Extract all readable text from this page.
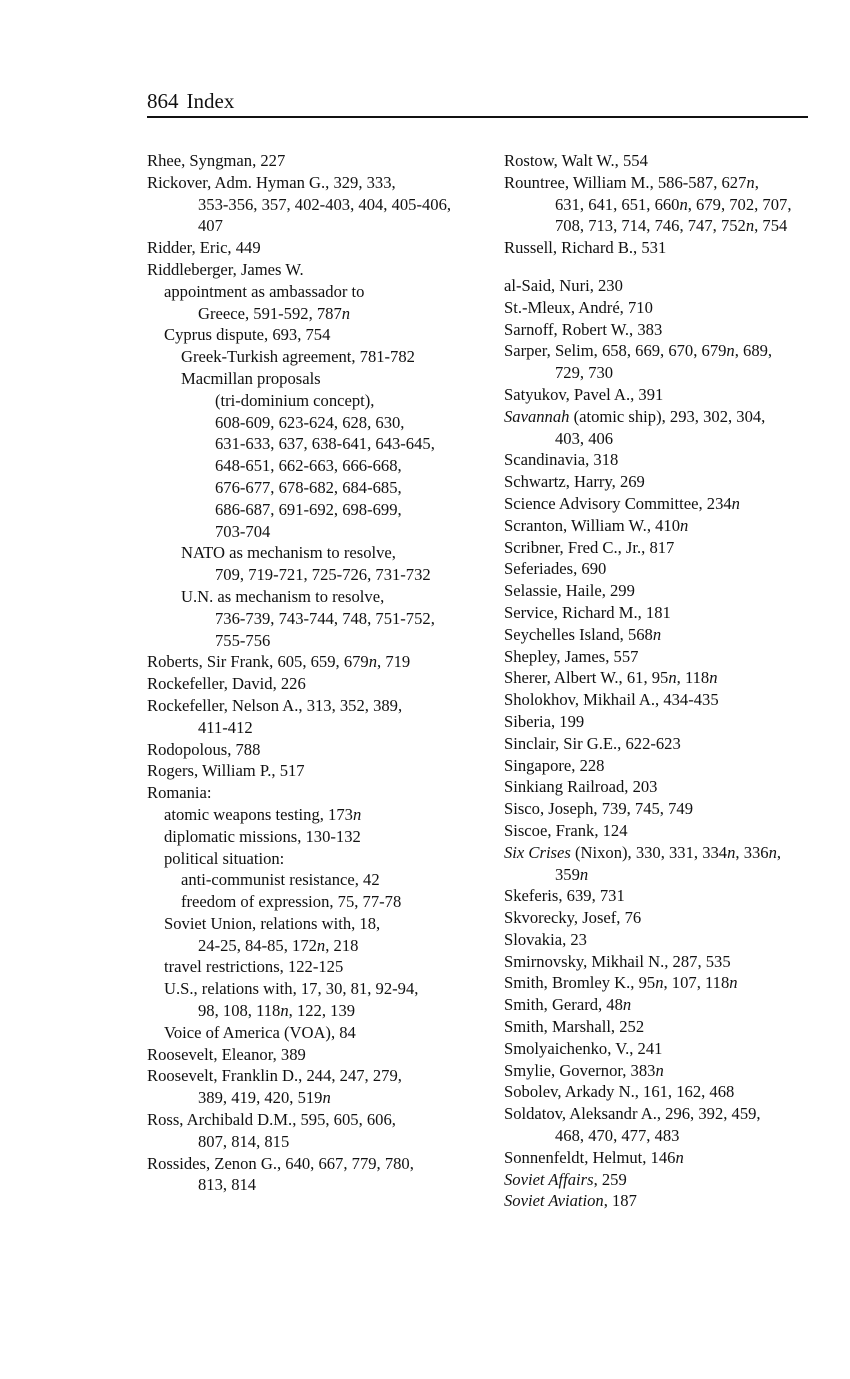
864 Index
Rhee, Syngman, 227
Rickover, Adm. Hyman G., 329, 333,
353-356, 357, 402-403, 404, 405-406,
407
Ridder, Eric, 449
Riddleberger, James W.
appointment as ambassador to
Greece, 591-592, 787n
Cyprus dispute, 693, 754
Greek-Turkish agreement, 781-782
Macmillan proposals
(tri-dominium concept),
608-609, 623-624, 628, 630,
631-633, 637, 638-641, 643-645,
648-651, 662-663, 666-668,
676-677, 678-682, 684-685,
686-687, 691-692, 698-699,
703-704
NATO as mechanism to resolve,
709, 719-721, 725-726, 731-732
U.N. as mechanism to resolve,
736-739, 743-744, 748, 751-752,
755-756
Roberts, Sir Frank, 605, 659, 679n, 719
Rockefeller, David, 226
Rockefeller, Nelson A., 313, 352, 389,
411-412
Rodopolous, 788
Rogers, William P., 517
Romania:
atomic weapons testing, 173n
diplomatic missions, 130-132
political situation:
anti-communist resistance, 42
freedom of expression, 75, 77-78
Soviet Union, relations with, 18,
24-25, 84-85, 172n, 218
travel restrictions, 122-125
U.S., relations with, 17, 30, 81, 92-94,
98, 108, 118n, 122, 139
Voice of America (VOA), 84
Roosevelt, Eleanor, 389
Roosevelt, Franklin D., 244, 247, 279,
389, 419, 420, 519n
Ross, Archibald D.M., 595, 605, 606,
807, 814, 815
Rossides, Zenon G., 640, 667, 779, 780,
813, 814
Rostow, Walt W., 554
Rountree, William M., 586-587, 627n,
631, 641, 651, 660n, 679, 702, 707,
708, 713, 714, 746, 747, 752n, 754
Russell, Richard B., 531
al-Said, Nuri, 230
St.-Mleux, André, 710
Sarnoff, Robert W., 383
Sarper, Selim, 658, 669, 670, 679n, 689,
729, 730
Satyukov, Pavel A., 391
Savannah (atomic ship), 293, 302, 304,
403, 406
Scandinavia, 318
Schwartz, Harry, 269
Science Advisory Committee, 234n
Scranton, William W., 410n
Scribner, Fred C., Jr., 817
Seferiades, 690
Selassie, Haile, 299
Service, Richard M., 181
Seychelles Island, 568n
Shepley, James, 557
Sherer, Albert W., 61, 95n, 118n
Sholokhov, Mikhail A., 434-435
Siberia, 199
Sinclair, Sir G.E., 622-623
Singapore, 228
Sinkiang Railroad, 203
Sisco, Joseph, 739, 745, 749
Siscoe, Frank, 124
Six Crises (Nixon), 330, 331, 334n, 336n,
359n
Skeferis, 639, 731
Skvorecky, Josef, 76
Slovakia, 23
Smirnovsky, Mikhail N., 287, 535
Smith, Bromley K., 95n, 107, 118n
Smith, Gerard, 48n
Smith, Marshall, 252
Smolyaichenko, V., 241
Smylie, Governor, 383n
Sobolev, Arkady N., 161, 162, 468
Soldatov, Aleksandr A., 296, 392, 459,
468, 470, 477, 483
Sonnenfeldt, Helmut, 146n
Soviet Affairs, 259
Soviet Aviation, 187
